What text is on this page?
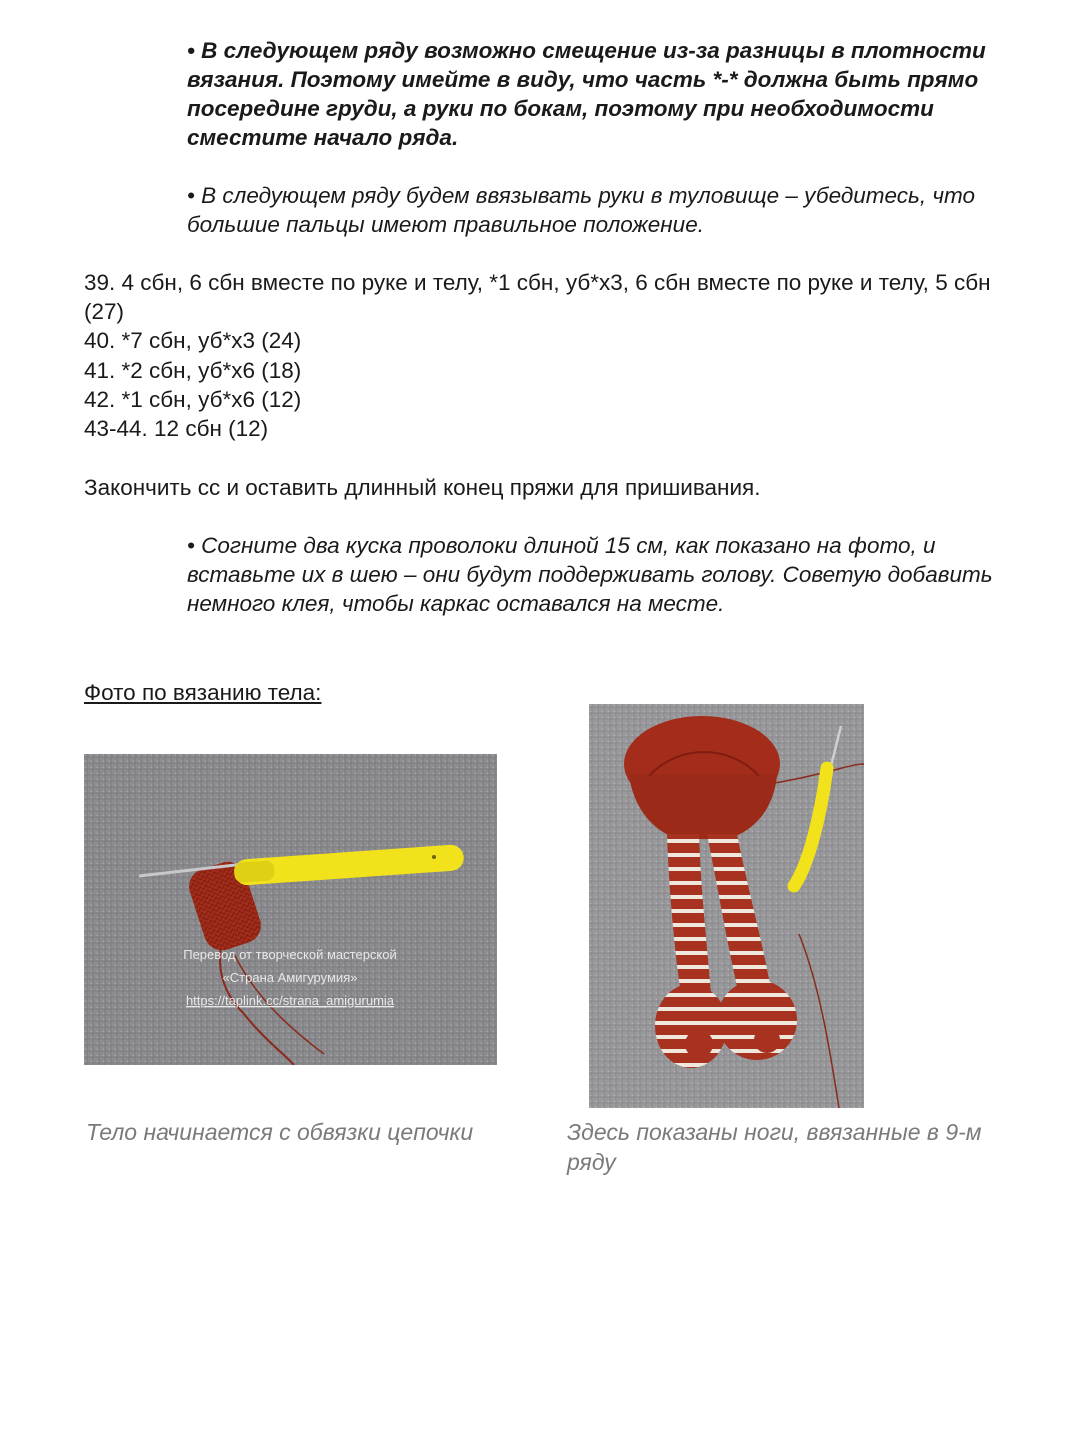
• В следующем ряду возможно смещение из-за разницы в плотности вязания. Поэтому имейте в виду, что часть *-* должна быть прямо посередине груди, а руки по бокам, поэтому при необходимости сместите начало ряда.

• В следующем ряду будем ввязывать руки в туловище – убедитесь, что большие пальцы имеют правильное положение.

39. 4 сбн, 6 сбн вместе по руке и телу, *1 сбн, уб*х3, 6 сбн вместе по руке и телу, 5 сбн (27)
40. *7 сбн, уб*х3 (24)
41. *2 сбн, уб*х6 (18)
42. *1 сбн, уб*х6 (12)
43-44. 12 сбн (12)
Закончить сс и оставить длинный конец пряжи для пришивания.

• Согните два куска проволоки длиной 15 см, как показано на фото, и вставьте их в шею – они будут поддерживать голову. Советую добавить немного клея, чтобы каркас оставался на месте.

Фото по вязанию тела:
Перевод от творческой мастерской
«Страна Амигурумия»
https://taplink.cc/strana_amigurumia
Тело начинается с обвязки цепочки	Здесь показаны ноги, ввязанные в 9-м ряду
